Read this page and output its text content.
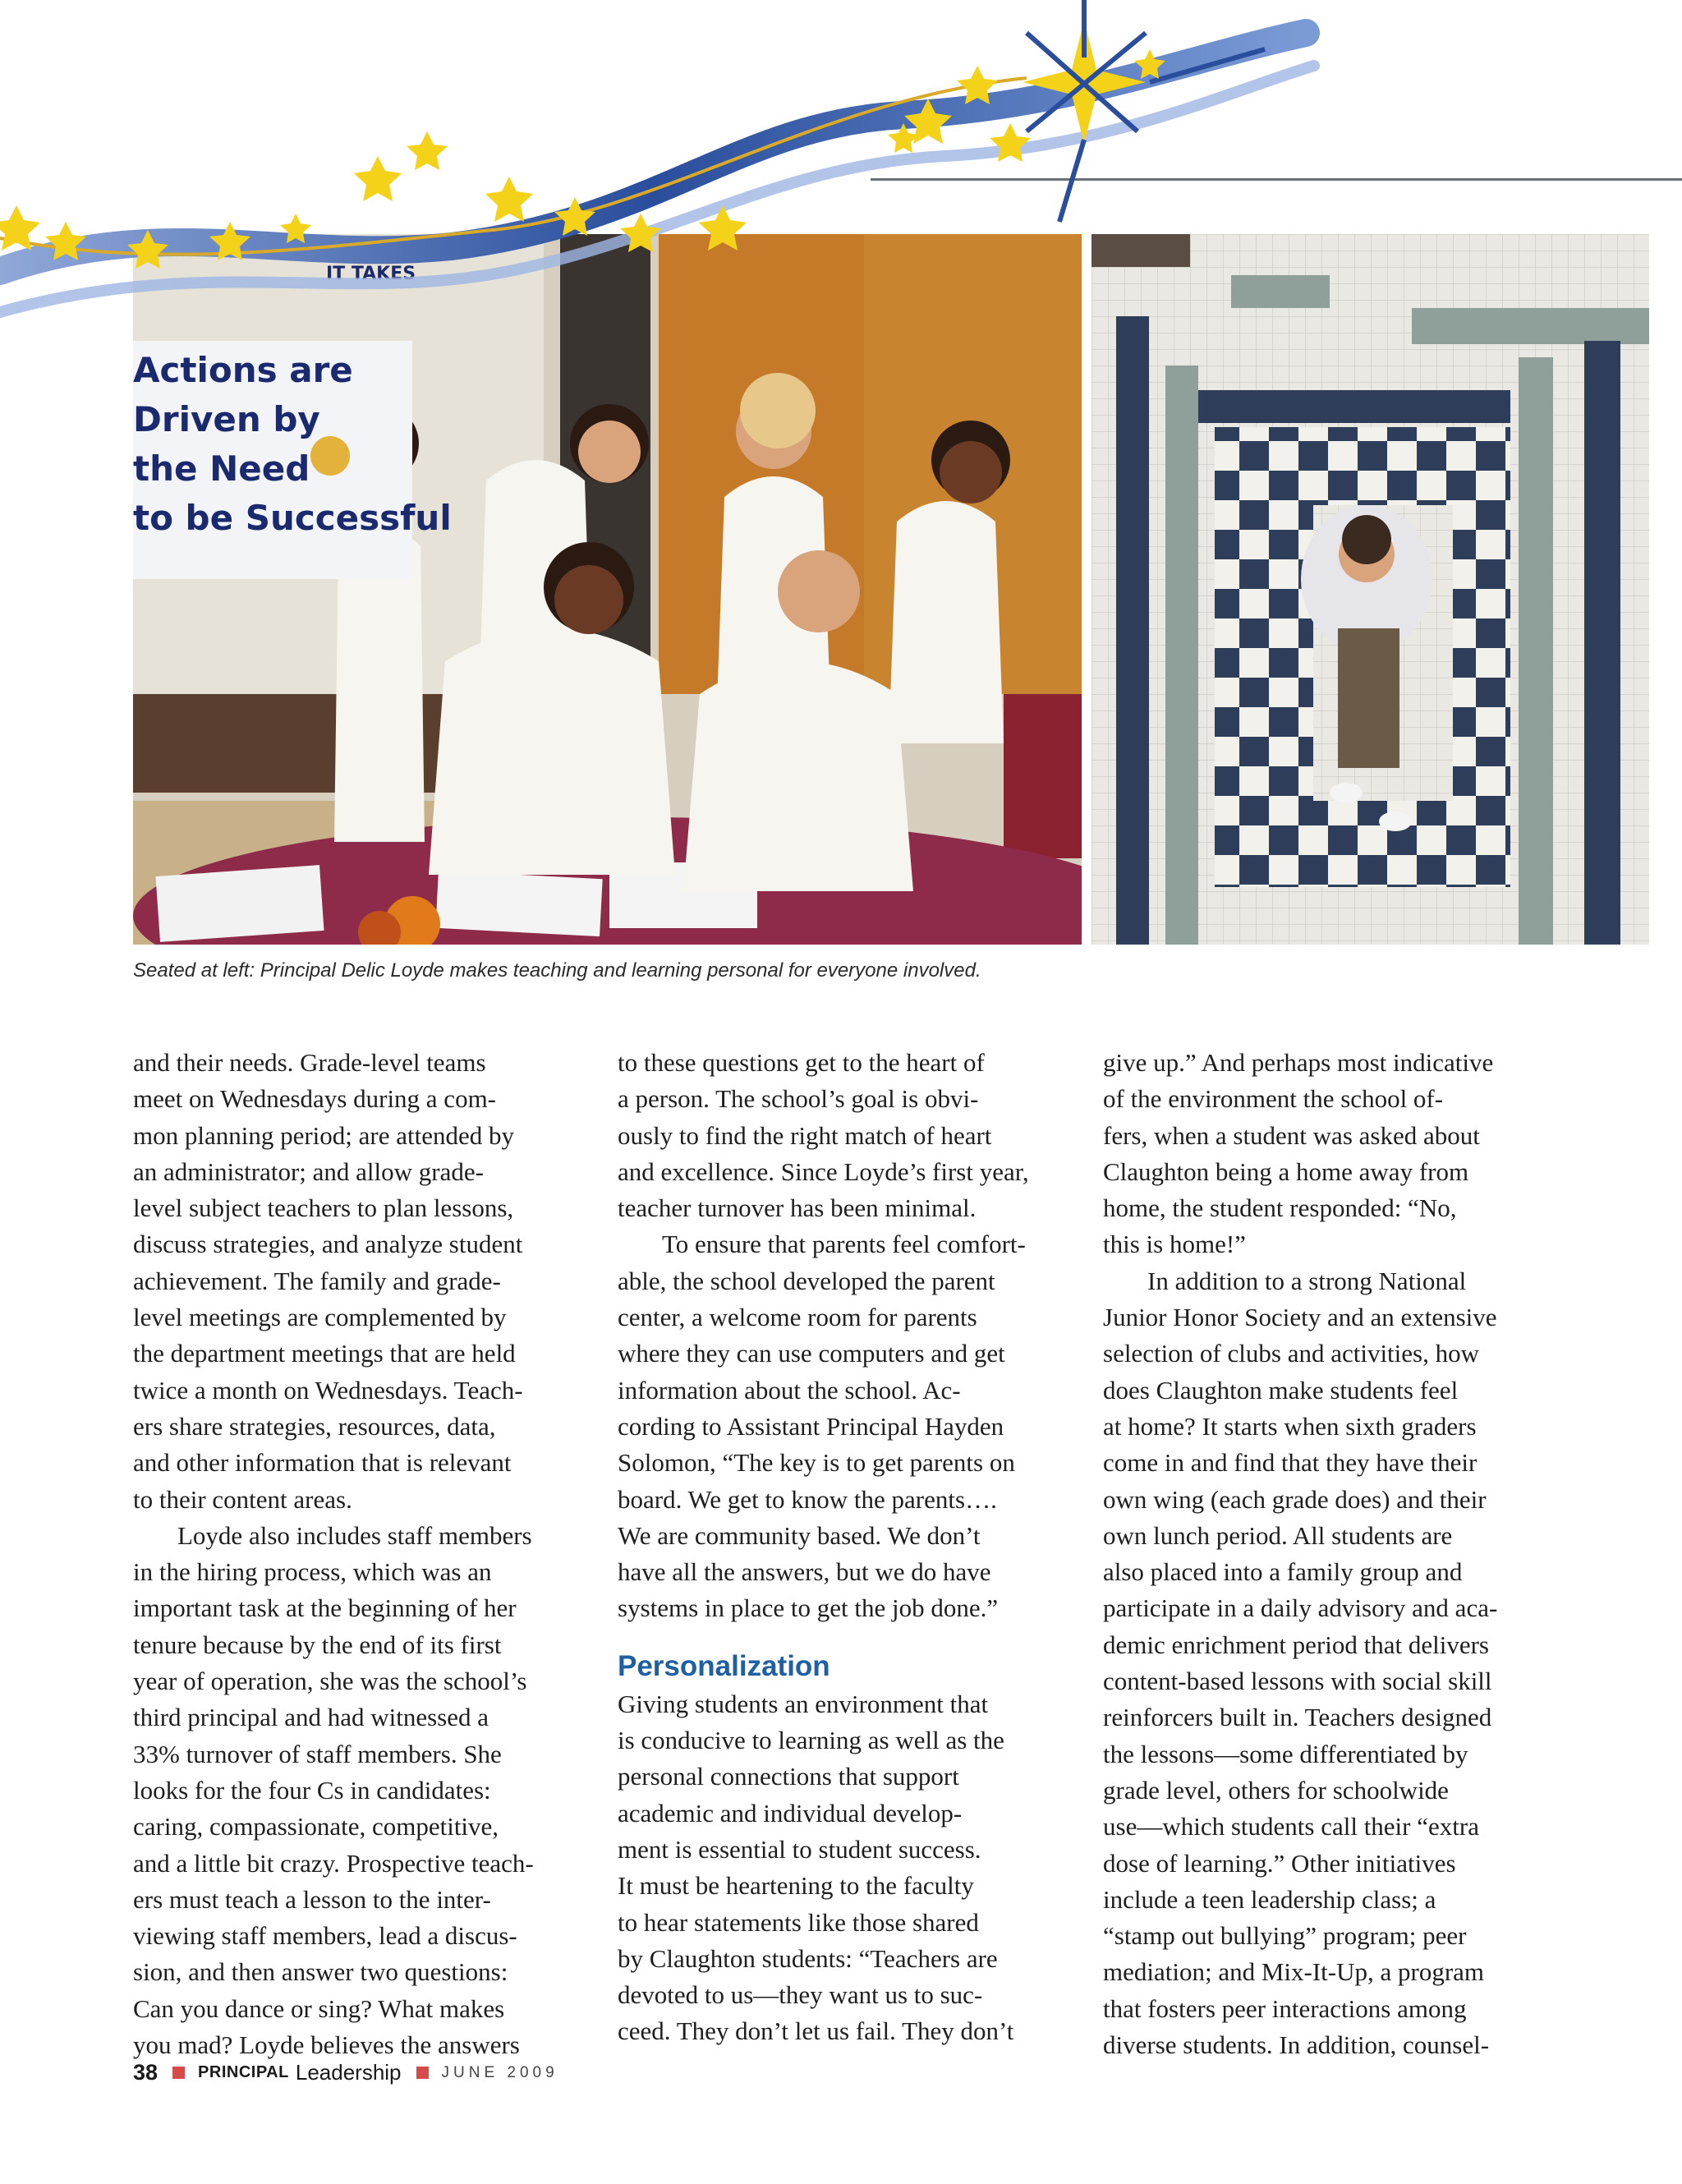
IT TAKES
Actions are
Driven by
the Need
to be Successful

Seated at left: Principal Delic Loyde makes teaching and learning personal for everyone involved.

and their needs. Grade-level teams
meet on Wednesdays during a com-
mon planning period; are attended by
an administrator; and allow grade-
level subject teachers to plan lessons,
discuss strategies, and analyze student
achievement. The family and grade-
level meetings are complemented by
the department meetings that are held
twice a month on Wednesdays. Teach-
ers share strategies, resources, data,
and other information that is relevant
to their content areas.

Loyde also includes staff members
in the hiring process, which was an
important task at the beginning of her
tenure because by the end of its first
year of operation, she was the school’s
third principal and had witnessed a
33% turnover of staff members. She
looks for the four Cs in candidates:
caring, compassionate, competitive,
and a little bit crazy. Prospective teach-
ers must teach a lesson to the inter-
viewing staff members, lead a discus-
sion, and then answer two questions:
Can you dance or sing? What makes
you mad? Loyde believes the answers

to these questions get to the heart of
a person. The school’s goal is obvi-
ously to find the right match of heart
and excellence. Since Loyde’s first year,
teacher turnover has been minimal.

To ensure that parents feel comfort-
able, the school developed the parent
center, a welcome room for parents
where they can use computers and get
information about the school. Ac-
cording to Assistant Principal Hayden
Solomon, “The key is to get parents on
board. We get to know the parents….
We are community based. We don’t
have all the answers, but we do have
systems in place to get the job done.”

Personalization

Giving students an environment that
is conducive to learning as well as the
personal connections that support
academic and individual develop-
ment is essential to student success.
It must be heartening to the faculty
to hear statements like those shared
by Claughton students: “Teachers are
devoted to us—they want us to suc-
ceed. They don’t let us fail. They don’t

give up.” And perhaps most indicative
of the environment the school of-
fers, when a student was asked about
Claughton being a home away from
home, the student responded: “No,
this is home!”

In addition to a strong National
Junior Honor Society and an extensive
selection of clubs and activities, how
does Claughton make students feel
at home? It starts when sixth graders
come in and find that they have their
own wing (each grade does) and their
own lunch period. All students are
also placed into a family group and
participate in a daily advisory and aca-
demic enrichment period that delivers
content-based lessons with social skill
reinforcers built in. Teachers designed
the lessons—some differentiated by
grade level, others for schoolwide
use—which students call their “extra
dose of learning.” Other initiatives
include a teen leadership class; a
“stamp out bullying” program; peer
mediation; and Mix-It-Up, a program
that fosters peer interactions among
diverse students. In addition, counsel-

38 PRINCIPAL Leadership	JUNE 2009
